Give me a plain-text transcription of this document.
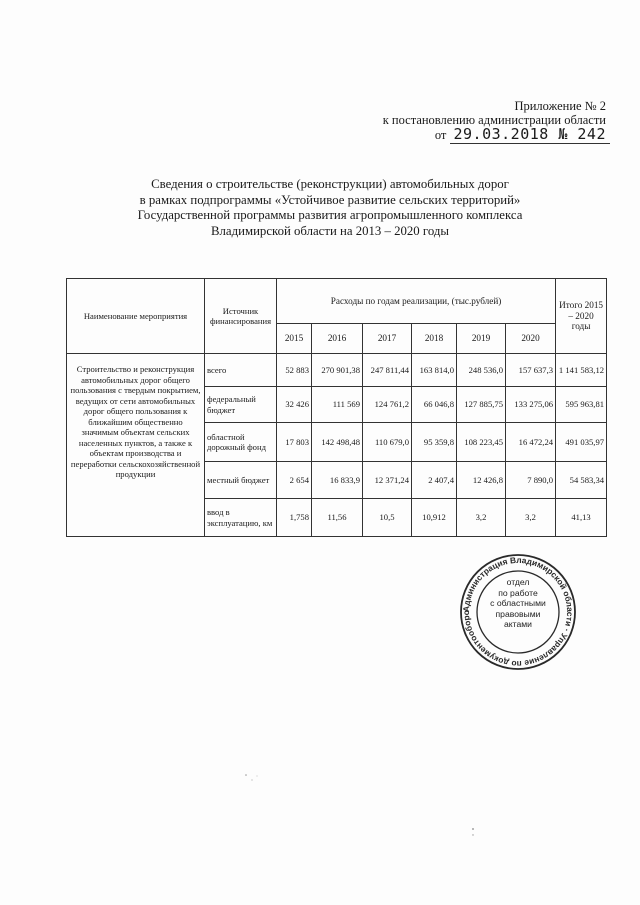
Приложение № 2
к постановлению администрации области
от 29.03.2018 № 242
Сведения о строительстве (реконструкции) автомобильных дорог
в рамках подпрограммы «Устойчивое развитие сельских территорий»
Государственной программы развития агропромышленного комплекса
Владимирской области на 2013 – 2020 годы
Наименование мероприятия	Источник финансирования	Расходы по годам реализации, (тыс.рублей)						Итого 2015 – 2020 годы
		2015	2016	2017	2018	2019	2020	
Строительство и реконструкция автомобильных дорог общего пользования с твердым покрытием, ведущих от сети автомобильных дорог общего пользования к ближайшим общественно значимым объектам сельских населенных пунктов, а также к объектам производства и переработки сельскохозяйственной продукции	всего	52 883	270 901,38	247 811,44	163 814,0	248 536,0	157 637,3	1 141 583,12
	федеральный бюджет	32 426	111 569	124 761,2	66 046,8	127 885,75	133 275,06	595 963,81
	областной дорожный фонд	17 803	142 498,48	110 679,0	95 359,8	108 223,45	16 472,24	491 035,97
	местный бюджет	2 654	16 833,9	12 371,24	2 407,4	12 426,8	7 890,0	54 583,34
	ввод в эксплуатацию, км	1,758	11,56	10,5	10,912	3,2	3,2	41,13
Администрация Владимирской области · Управление по документооборо
отдел
по работе
с областными
правовыми
актами
